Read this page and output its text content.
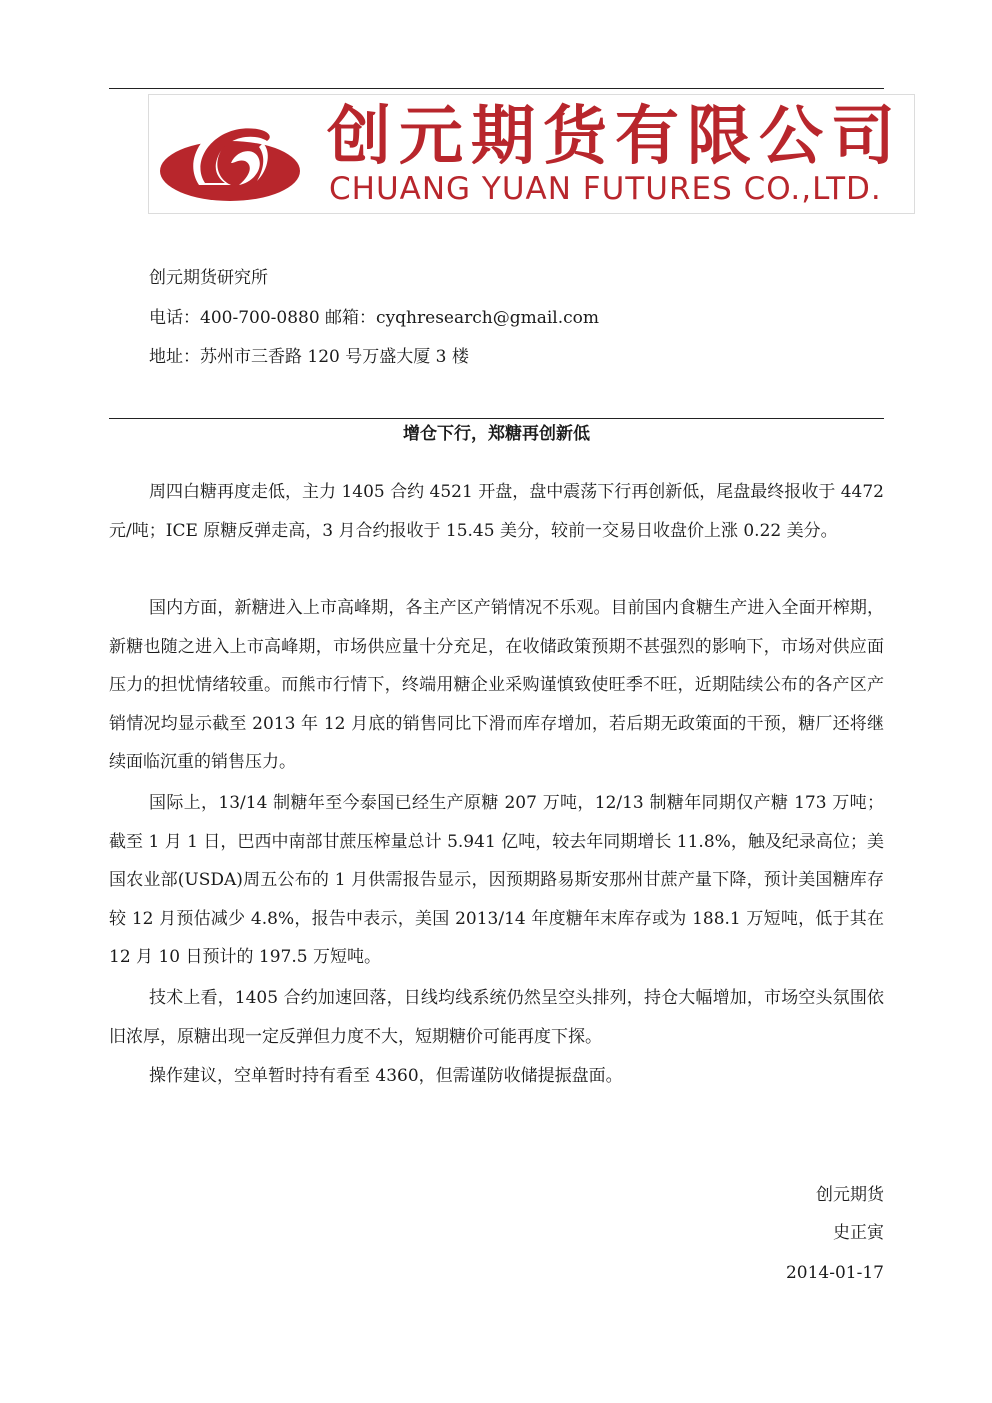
创元期货有限公司
CHUANG YUAN FUTURES CO.,LTD.
创元期货研究所
电话：400-700-0880 邮箱：cyqhresearch@gmail.com
地址：苏州市三香路 120 号万盛大厦 3 楼
增仓下行，郑糖再创新低

周四白糖再度走低，主力 1405 合约 4521 开盘，盘中震荡下行再创新低，尾盘最终报收于 4472 元/吨；ICE 原糖反弹走高，3 月合约报收于 15.45 美分，较前一交易日收盘价上涨 0.22 美分。

国内方面，新糖进入上市高峰期，各主产区产销情况不乐观。目前国内食糖生产进入全面开榨期，新糖也随之进入上市高峰期，市场供应量十分充足，在收储政策预期不甚强烈的影响下，市场对供应面压力的担忧情绪较重。而熊市行情下，终端用糖企业采购谨慎致使旺季不旺，近期陆续公布的各产区产销情况均显示截至 2013 年 12 月底的销售同比下滑而库存增加，若后期无政策面的干预，糖厂还将继续面临沉重的销售压力。

国际上，13/14 制糖年至今泰国已经生产原糖 207 万吨，12/13 制糖年同期仅产糖 173 万吨；截至 1 月 1 日，巴西中南部甘蔗压榨量总计 5.941 亿吨，较去年同期增长 11.8%，触及纪录高位；美国农业部(USDA)周五公布的 1 月供需报告显示，因预期路易斯安那州甘蔗产量下降，预计美国糖库存较 12 月预估减少 4.8%，报告中表示，美国 2013/14 年度糖年末库存或为 188.1 万短吨，低于其在 12 月 10 日预计的 197.5 万短吨。

技术上看，1405 合约加速回落，日线均线系统仍然呈空头排列，持仓大幅增加，市场空头氛围依旧浓厚，原糖出现一定反弹但力度不大，短期糖价可能再度下探。

操作建议，空单暂时持有看至 4360，但需谨防收储提振盘面。

创元期货
史正寅
2014-01-17
